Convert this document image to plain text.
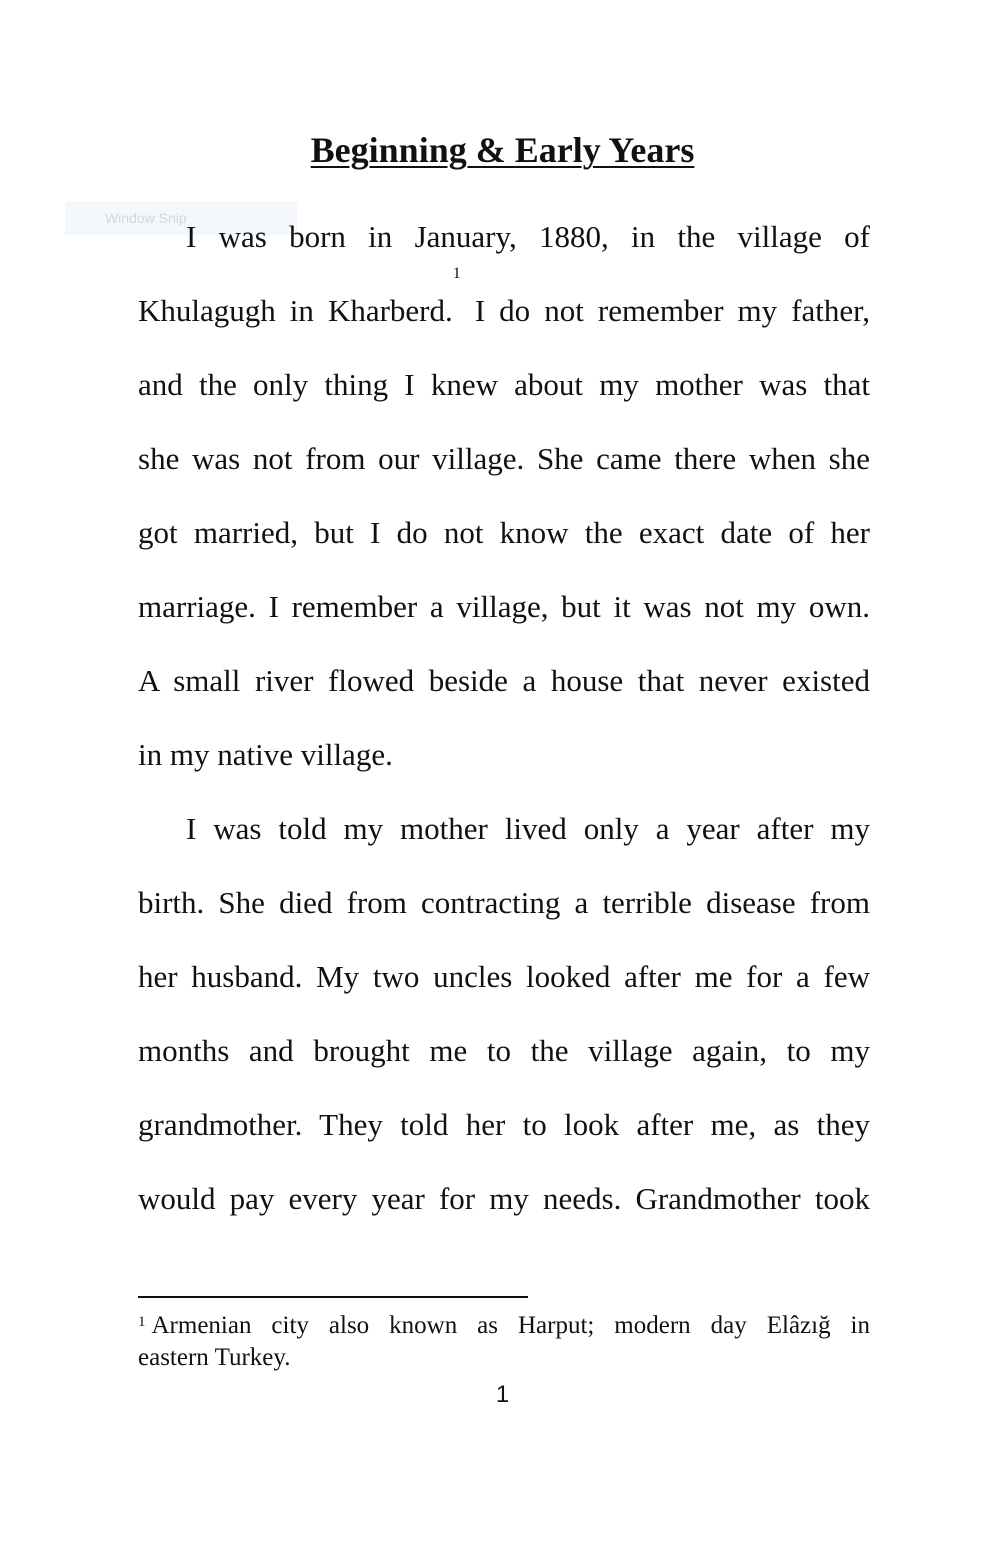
Beginning & Early Years
Window Snip
I was born in January, 1880, in the village of
Khulagugh in Kharberd.$^1$ I do not remember my father,
and the only thing I knew about my mother was that
she was not from our village. She came there when she
got married, but I do not know the exact date of her
marriage. I remember a village, but it was not my own.
A small river flowed beside a house that never existed
in my native village.
I was told my mother lived only a year after my
birth. She died from contracting a terrible disease from
her husband. My two uncles looked after me for a few
months and brought me to the village again, to my
grandmother. They told her to look after me, as they
would pay every year for my needs. Grandmother took
$^1$ Armenian city also known as Harput; modern day Elâzığ in
eastern Turkey.
1
